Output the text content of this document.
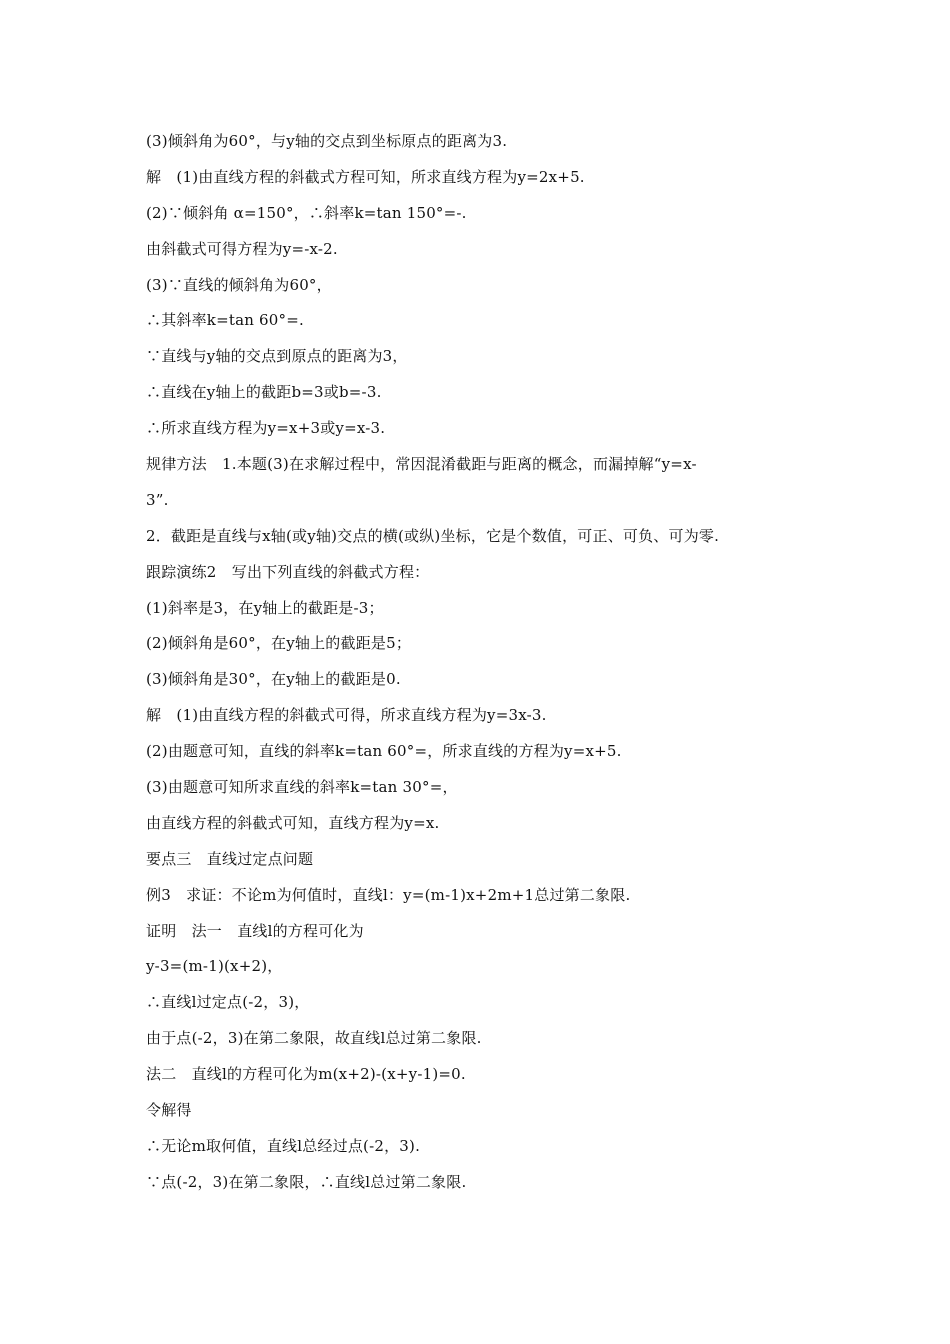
(3)倾斜角为60°，与y轴的交点到坐标原点的距离为3.
解　(1)由直线方程的斜截式方程可知，所求直线方程为y=2x+5.
(2)∵倾斜角 α=150°，∴斜率k=tan 150°=-.
由斜截式可得方程为y=-x-2.
(3)∵直线的倾斜角为60°，
∴其斜率k=tan 60°=.
∵直线与y轴的交点到原点的距离为3，
∴直线在y轴上的截距b=3或b=-3.
∴所求直线方程为y=x+3或y=x-3.
规律方法　1.本题(3)在求解过程中，常因混淆截距与距离的概念，而漏掉解“y=x-
3”.
2．截距是直线与x轴(或y轴)交点的横(或纵)坐标，它是个数值，可正、可负、可为零.
跟踪演练2　写出下列直线的斜截式方程：
(1)斜率是3，在y轴上的截距是-3；
(2)倾斜角是60°，在y轴上的截距是5；
(3)倾斜角是30°，在y轴上的截距是0.
解　(1)由直线方程的斜截式可得，所求直线方程为y=3x-3.
(2)由题意可知，直线的斜率k=tan 60°=，所求直线的方程为y=x+5.
(3)由题意可知所求直线的斜率k=tan 30°=，
由直线方程的斜截式可知，直线方程为y=x.
要点三　直线过定点问题
例3　求证：不论m为何值时，直线l：y=(m-1)x+2m+1总过第二象限.
证明　法一　直线l的方程可化为
y-3=(m-1)(x+2)，
∴直线l过定点(-2，3)，
由于点(-2，3)在第二象限，故直线l总过第二象限.
法二　直线l的方程可化为m(x+2)-(x+y-1)=0.
令解得
∴无论m取何值，直线l总经过点(-2，3).
∵点(-2，3)在第二象限，∴直线l总过第二象限.
